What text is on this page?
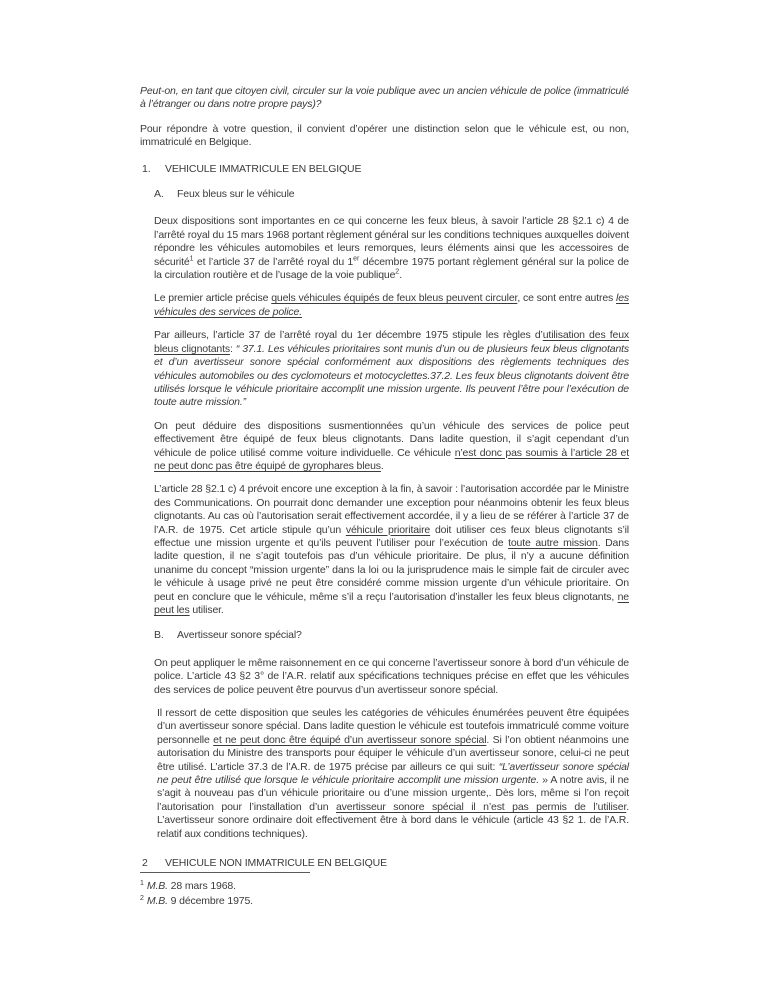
Peut-on, en tant que citoyen civil, circuler sur la voie publique avec un ancien véhicule de police (immatriculé à l’étranger ou dans notre propre pays)?

Pour répondre à votre question, il convient d’opérer une distinction selon que le véhicule est, ou non, immatriculé en Belgique.

1.	VEHICULE IMMATRICULE EN BELGIQUE
A.	Feux bleus sur le véhicule

Deux dispositions sont importantes en ce qui concerne les feux bleus, à savoir l’article 28 §2.1 c) 4 de l’arrêté royal du 15 mars 1968 portant règlement général sur les conditions techniques auxquelles doivent répondre les véhicules automobiles et leurs remorques, leurs éléments ainsi que les accessoires de sécurité$^1$ et l’article 37 de l’arrêté royal du 1er décembre 1975 portant règlement général sur la police de la circulation routière et de l’usage de la voie publique$^2$.

Le premier article précise quels véhicules équipés de feux bleus peuvent circuler, ce sont entre autres les véhicules des services de police.

Par ailleurs, l’article 37 de l’arrêté royal du 1er décembre 1975 stipule les règles d’utilisation des feux bleus clignotants: “ 37.1. Les véhicules prioritaires sont munis d’un ou de plusieurs feux bleus clignotants et d’un avertisseur sonore spécial conformément aux dispositions des règlements techniques des véhicules automobiles ou des cyclomoteurs et motocyclettes.37.2. Les feux bleus clignotants doivent être utilisés lorsque le véhicule prioritaire accomplit une mission urgente. Ils peuvent l’être pour l’exécution de toute autre mission.”

On peut déduire des dispositions susmentionnées qu’un véhicule des services de police peut effectivement être équipé de feux bleus clignotants. Dans ladite question, il s’agit cependant d’un véhicule de police utilisé comme voiture individuelle. Ce véhicule n’est donc pas soumis à l’article 28 et ne peut donc pas être équipé de gyrophares bleus.

L’article 28 §2.1 c) 4 prévoit encore une exception à la fin, à savoir : l’autorisation accordée par le Ministre des Communications. On pourrait donc demander une exception pour néanmoins obtenir les feux bleus clignotants. Au cas où l’autorisation serait effectivement accordée, il y a lieu de se référer à l’article 37 de l’A.R. de 1975. Cet article stipule qu’un véhicule prioritaire doit utiliser ces feux bleus clignotants s’il effectue une mission urgente et qu’ils peuvent l’utiliser pour l’exécution de toute autre mission. Dans ladite question, il ne s’agit toutefois pas d’un véhicule prioritaire. De plus, il n’y a aucune définition unanime du concept “mission urgente” dans la loi ou la jurisprudence mais le simple fait de circuler avec le véhicule à usage privé ne peut être considéré comme mission urgente d’un véhicule prioritaire. On peut en conclure que le véhicule, même s’il a reçu l’autorisation d’installer les feux bleus clignotants, ne peut les utiliser.

B.	Avertisseur sonore spécial?

On peut appliquer le même raisonnement en ce qui concerne l’avertisseur sonore à bord d’un véhicule de police. L’article 43 §2 3° de l’A.R. relatif aux spécifications techniques précise en effet que les véhicules des services de police peuvent être pourvus d’un avertisseur sonore spécial.

Il ressort de cette disposition que seules les catégories de véhicules énumérées peuvent être équipées d’un avertisseur sonore spécial. Dans ladite question le véhicule est toutefois immatriculé comme voiture personnelle et ne peut donc être équipé d’un avertisseur sonore spécial. Si l’on obtient néanmoins une autorisation du Ministre des transports pour équiper le véhicule d’un avertisseur sonore, celui-ci ne peut être utilisé. L’article 37.3 de l’A.R. de 1975 précise par ailleurs ce qui suit: “L’avertisseur sonore spécial ne peut être utilisé que lorsque le véhicule prioritaire accomplit une mission urgente. » A notre avis, il ne s’agit à nouveau pas d’un véhicule prioritaire ou d’une mission urgente,. Dès lors, même si l’on reçoit l’autorisation pour l’installation d’un avertisseur sonore spécial il n’est pas permis de l’utiliser. L’avertisseur sonore ordinaire doit effectivement être à bord dans le véhicule (article 43 §2 1. de l’A.R. relatif aux conditions techniques).

2	VEHICULE NON IMMATRICULE EN BELGIQUE
$^1$ M.B. 28 mars 1968.
$^2$ M.B. 9 décembre 1975.
